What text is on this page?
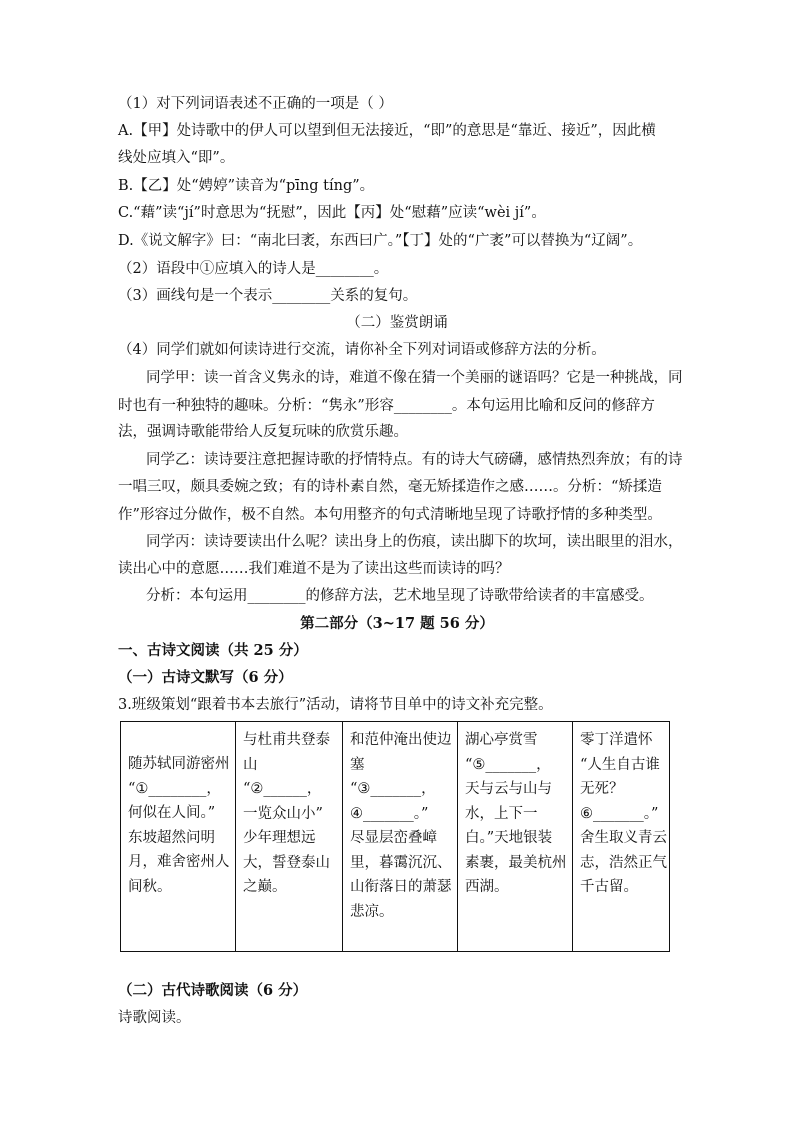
（1）对下列词语表述不正确的一项是（ ）
A.【甲】处诗歌中的伊人可以望到但无法接近，“即”的意思是“靠近、接近”，因此横
线处应填入“即”。
B.【乙】处“娉婷”读音为“pīng tíng”。
C.“藉”读“jí”时意思为“抚慰”，因此【丙】处“慰藉”应读“wèi jí”。
D.《说文解字》曰：“南北曰袤，东西曰广。”【丁】处的“广袤”可以替换为“辽阔”。
（2）语段中①应填入的诗人是________。
（3）画线句是一个表示________关系的复句。
（二）鉴赏朗诵
（4）同学们就如何读诗进行交流，请你补全下列对词语或修辞方法的分析。
同学甲：读一首含义隽永的诗，难道不像在猜一个美丽的谜语吗？它是一种挑战，同
时也有一种独特的趣味。分析：“隽永”形容________。本句运用比喻和反问的修辞方
法，强调诗歌能带给人反复玩味的欣赏乐趣。
同学乙：读诗要注意把握诗歌的抒情特点。有的诗大气磅礴，感情热烈奔放；有的诗
一唱三叹，颇具委婉之致；有的诗朴素自然，毫无矫揉造作之感……。分析：“矫揉造
作”形容过分做作，极不自然。本句用整齐的句式清晰地呈现了诗歌抒情的多种类型。
同学丙：读诗要读出什么呢？读出身上的伤痕，读出脚下的坎坷，读出眼里的泪水，
读出心中的意愿……我们难道不是为了读出这些而读诗的吗？
分析：本句运用________的修辞方法，艺术地呈现了诗歌带给读者的丰富感受。
第二部分（3~17 题 56 分）
一、古诗文阅读（共 25 分）
（一）古诗文默写（6 分）
3.班级策划“跟着书本去旅行”活动，请将节目单中的诗文补充完整。
随苏轼同游密州
“①________，
何似在人间。”
东坡超然问明
月，难舍密州人
间秋。

与杜甫共登泰
山
“②______，
一览众山小”
少年理想远
大，誓登泰山
之巅。

和范仲淹出使边
塞
“③_______，
④_______。”
尽显层峦叠嶂
里，暮霭沉沉、
山衔落日的萧瑟
悲凉。

湖心亭赏雪
“⑤_______，
天与云与山与
水，上下一
白。”天地银装
素裹，最美杭州
西湖。

零丁洋遣怀
“人生自古谁
无死？
⑥_______。”
舍生取义青云
志，浩然正气
千古留。
（二）古代诗歌阅读（6 分）
诗歌阅读。
